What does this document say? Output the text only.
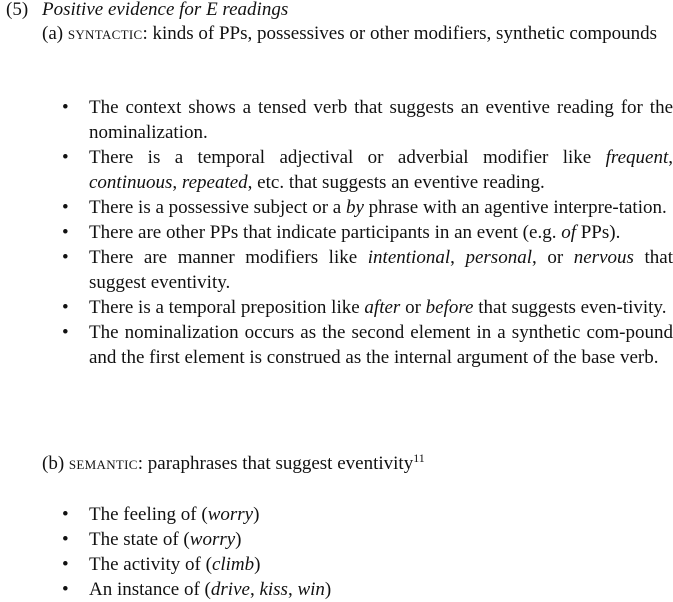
(5) Positive evidence for E readings
(a) syntactic: kinds of PPs, possessives or other modifiers, synthetic compounds
• The context shows a tensed verb that suggests an eventive reading for the nominalization.
• There is a temporal adjectival or adverbial modifier like frequent, continuous, repeated, etc. that suggests an eventive reading.
• There is a possessive subject or a by phrase with an agentive interpre-tation.
• There are other PPs that indicate participants in an event (e.g. of PPs).
• There are manner modifiers like intentional, personal, or nervous that suggest eventivity.
• There is a temporal preposition like after or before that suggests even-tivity.
• The nominalization occurs as the second element in a synthetic com-pound and the first element is construed as the internal argument of the base verb.
(b) semantic: paraphrases that suggest eventivity$^{11}$
• The feeling of (worry)
• The state of (worry)
• The activity of (climb)
• An instance of (drive, kiss, win)
